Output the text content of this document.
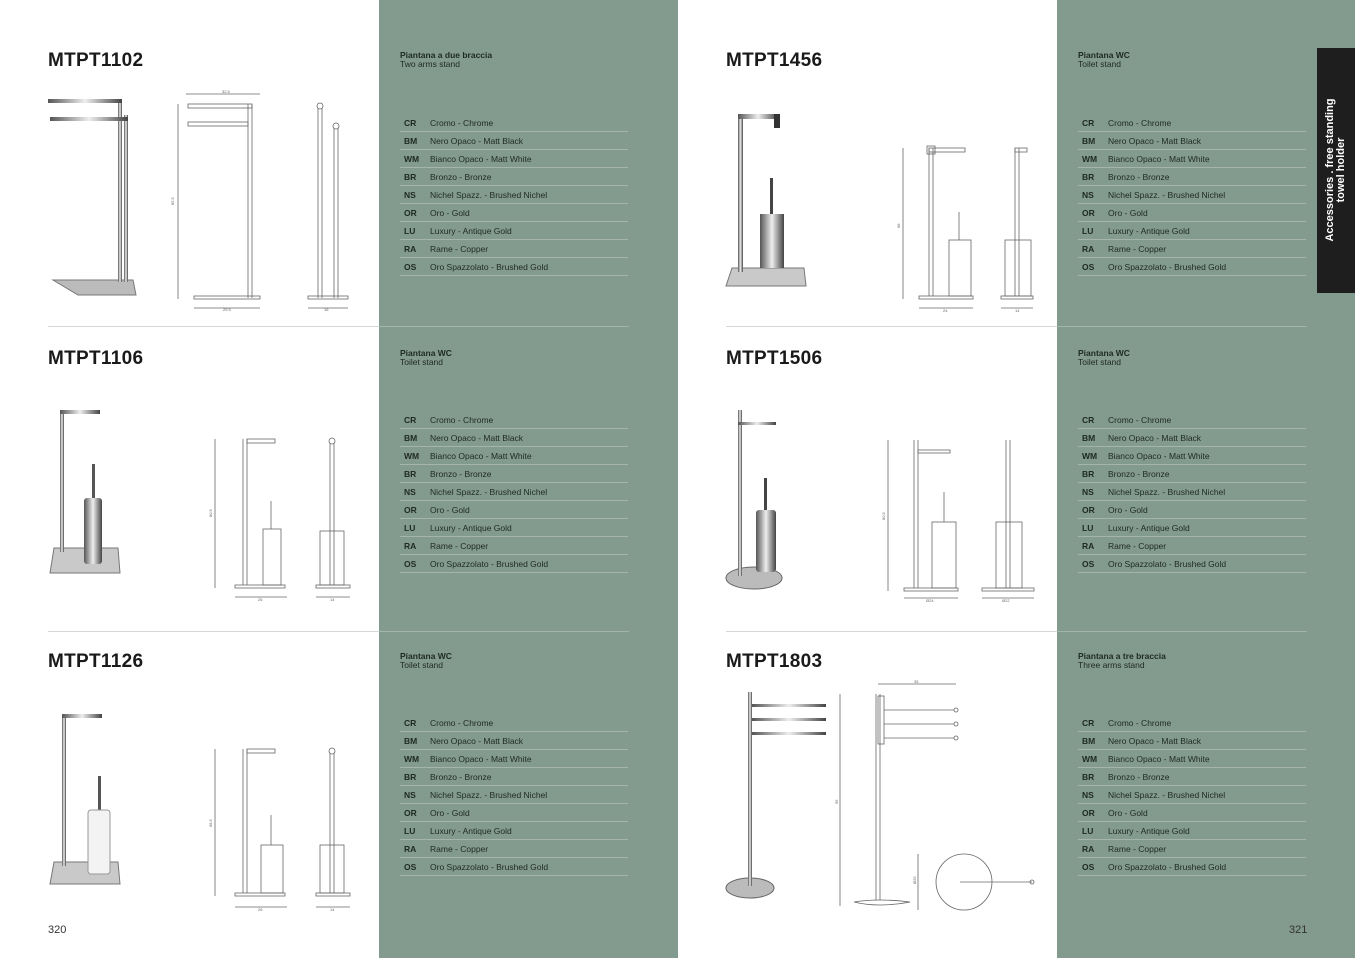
Accessories . free standing
towel holder
MTPT1102	Piantana a due braccia
Two arms stand
CR Cromo - Chrome
BM Nero Opaco - Matt Black
WM Bianco Opaco - Matt White
BR Bronzo - Bronze
NS Nichel Spazz. - Brushed Nichel
OR Oro - Gold
LU Luxury - Antique Gold
RA Rame - Copper
OS Oro Spazzolato - Brushed Gold
MTPT1106	Piantana WC
Toilet stand
CR Cromo - Chrome
BM Nero Opaco - Matt Black
WM Bianco Opaco - Matt White
BR Bronzo - Bronze
NS Nichel Spazz. - Brushed Nichel
OR Oro - Gold
LU Luxury - Antique Gold
RA Rame - Copper
OS Oro Spazzolato - Brushed Gold
MTPT1126	Piantana WC
Toilet stand
CR Cromo - Chrome
BM Nero Opaco - Matt Black
WM Bianco Opaco - Matt White
BR Bronzo - Bronze
NS Nichel Spazz. - Brushed Nichel
OR Oro - Gold
LU Luxury - Antique Gold
RA Rame - Copper
OS Oro Spazzolato - Brushed Gold
MTPT1456	Piantana WC
Toilet stand
CR Cromo - Chrome
BM Nero Opaco - Matt Black
WM Bianco Opaco - Matt White
BR Bronzo - Bronze
NS Nichel Spazz. - Brushed Nichel
OR Oro - Gold
LU Luxury - Antique Gold
RA Rame - Copper
OS Oro Spazzolato - Brushed Gold
MTPT1506	Piantana WC
Toilet stand
CR Cromo - Chrome
BM Nero Opaco - Matt Black
WM Bianco Opaco - Matt White
BR Bronzo - Bronze
NS Nichel Spazz. - Brushed Nichel
OR Oro - Gold
LU Luxury - Antique Gold
RA Rame - Copper
OS Oro Spazzolato - Brushed Gold
MTPT1803	Piantana a tre braccia
Three arms stand
CR Cromo - Chrome
BM Nero Opaco - Matt Black
WM Bianco Opaco - Matt White
BR Bronzo - Bronze
NS Nichel Spazz. - Brushed Nichel
OR Oro - Gold
LU Luxury - Antique Gold
RA Rame - Copper
OS Oro Spazzolato - Brushed Gold
32.5
85.5
29.5	16
80.5
26	14
68.5
26	14
68
24	14
80.5
Ø24	Ø22
35
95
Ø25
320	321
